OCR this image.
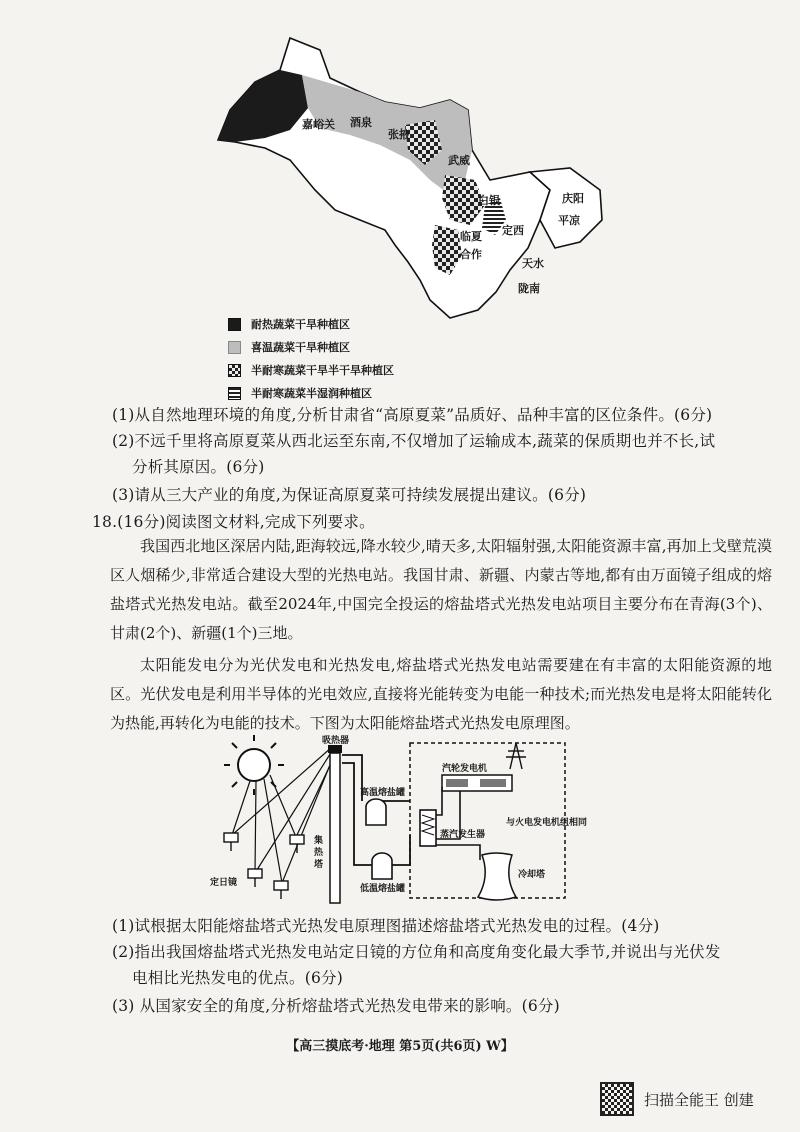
嘉峪关 酒泉
张掖
武威
白银
临夏 定西
合作
庆阳
平凉
天水
陇南
耐热蔬菜干旱种植区
喜温蔬菜干旱种植区
半耐寒蔬菜干旱半干旱种植区
半耐寒蔬菜半湿润种植区
(1)从自然地理环境的角度,分析甘肃省“高原夏菜”品质好、品种丰富的区位条件。(6分)
(2)不远千里将高原夏菜从西北运至东南,不仅增加了运输成本,蔬菜的保质期也并不长,试
分析其原因。(6分)
(3)请从三大产业的角度,为保证高原夏菜可持续发展提出建议。(6分)
18.(16分)阅读图文材料,完成下列要求。
我国西北地区深居内陆,距海较远,降水较少,晴天多,太阳辐射强,太阳能资源丰富,再加上戈壁荒漠区人烟稀少,非常适合建设大型的光热电站。我国甘肃、新疆、内蒙古等地,都有由万面镜子组成的熔盐塔式光热发电站。截至2024年,中国完全投运的熔盐塔式光热发电站项目主要分布在青海(3个)、甘肃(2个)、新疆(1个)三地。
太阳能发电分为光伏发电和光热发电,熔盐塔式光热发电站需要建在有丰富的太阳能资源的地区。光伏发电是利用半导体的光电效应,直接将光能转变为电能一种技术;而光热发电是将太阳能转化为热能,再转化为电能的技术。下图为太阳能熔盐塔式光热发电原理图。
吸热器
高温熔盐罐
低温熔盐罐
汽轮发电机
与火电发电机组相同
蒸汽发生器
冷却塔
定日镜
集热塔
(1)试根据太阳能熔盐塔式光热发电原理图描述熔盐塔式光热发电的过程。(4分)
(2)指出我国熔盐塔式光热发电站定日镜的方位角和高度角变化最大季节,并说出与光伏发
电相比光热发电的优点。(6分)
(3) 从国家安全的角度,分析熔盐塔式光热发电带来的影响。(6分)
【高三摸底考·地理 第5页(共6页) W】
扫描全能王 创建
